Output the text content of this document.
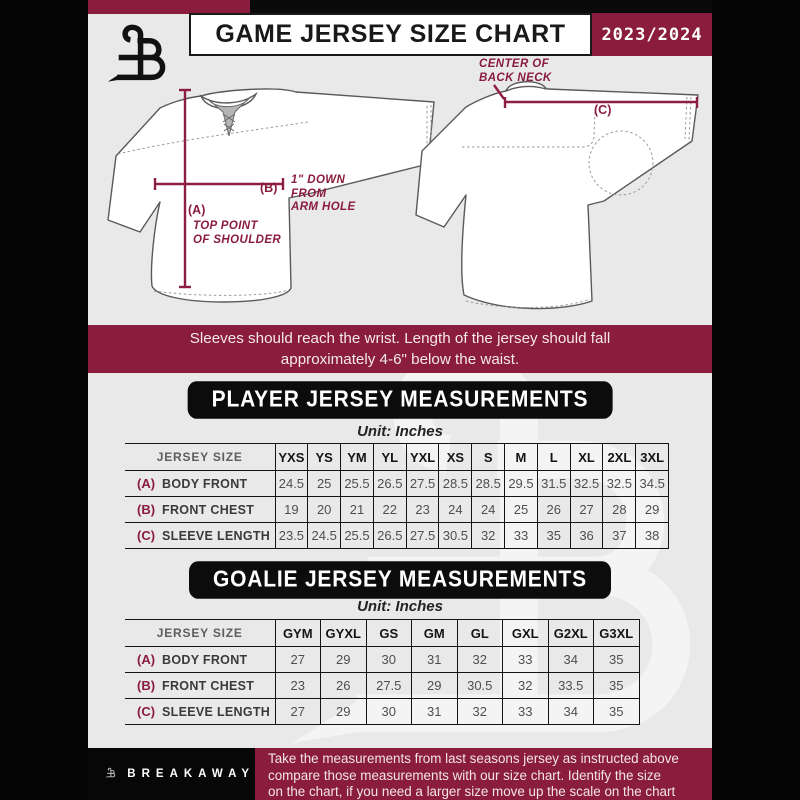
GAME JERSEY SIZE CHART	2023/2024
(A)
TOP POINT
OF SHOULDER
(B)
1" DOWN
FROM
ARM HOLE
CENTER OF
BACK NECK
(C)
Sleeves should reach the wrist. Length of the jersey should fall
approximately 4-6" below the waist.
PLAYER JERSEY MEASUREMENTS
Unit: Inches
JERSEY SIZE	YXS	YS	YM	YL	YXL	XS	S	M	L	XL	2XL	3XL
(A) BODY FRONT	24.5	25	25.5	26.5	27.5	28.5	28.5	29.5	31.5	32.5	32.5	34.5
(B) FRONT CHEST	19	20	21	22	23	24	24	25	26	27	28	29
(C) SLEEVE LENGTH	23.5	24.5	25.5	26.5	27.5	30.5	32	33	35	36	37	38
GOALIE JERSEY MEASUREMENTS
Unit: Inches
JERSEY SIZE	GYM	GYXL	GS	GM	GL	GXL	G2XL	G3XL
(A) BODY FRONT	27	29	30	31	32	33	34	35
(B) FRONT CHEST	23	26	27.5	29	30.5	32	33.5	35
(C) SLEEVE LENGTH	27	29	30	31	32	33	34	35
BREAKAWAY
Take the measurements from last seasons jersey as instructed above
compare those measurements with our size chart. Identify the size
on the chart, if you need a larger size move up the scale on the chart
